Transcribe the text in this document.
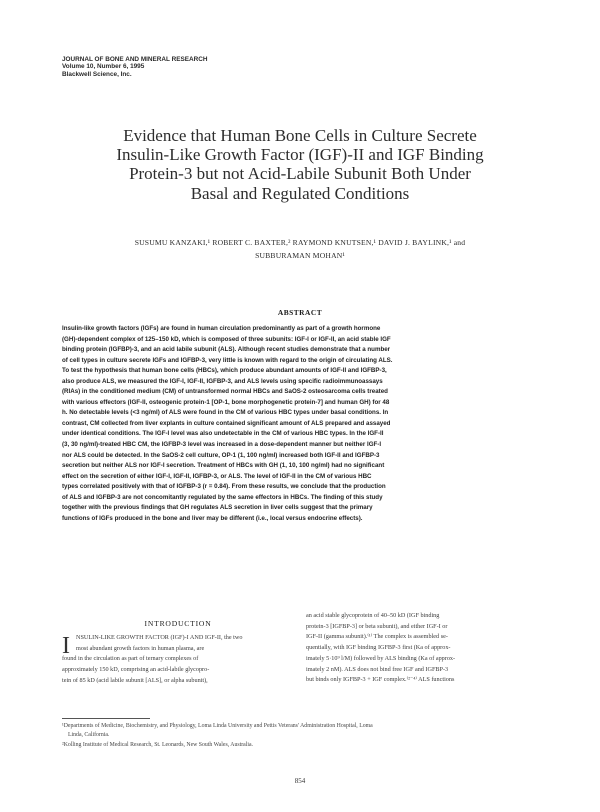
JOURNAL OF BONE AND MINERAL RESEARCH
Volume 10, Number 6, 1995
Blackwell Science, Inc.
Evidence that Human Bone Cells in Culture Secrete
Insulin-Like Growth Factor (IGF)-II and IGF Binding
Protein-3 but not Acid-Labile Subunit Both Under
Basal and Regulated Conditions
SUSUMU KANZAKI,¹ ROBERT C. BAXTER,² RAYMOND KNUTSEN,¹ DAVID J. BAYLINK,¹ and
SUBBURAMAN MOHAN¹
ABSTRACT
Insulin-like growth factors (IGFs) are found in human circulation predominantly as part of a growth hormone
(GH)-dependent complex of 125–150 kD, which is composed of three subunits: IGF-I or IGF-II, an acid stable IGF
binding protein (IGFBP)-3, and an acid labile subunit (ALS). Although recent studies demonstrate that a number
of cell types in culture secrete IGFs and IGFBP-3, very little is known with regard to the origin of circulating ALS.
To test the hypothesis that human bone cells (HBCs), which produce abundant amounts of IGF-II and IGFBP-3,
also produce ALS, we measured the IGF-I, IGF-II, IGFBP-3, and ALS levels using specific radioimmunoassays
(RIAs) in the conditioned medium (CM) of untransformed normal HBCs and SaOS-2 osteosarcoma cells treated
with various effectors (IGF-II, osteogenic protein-1 [OP-1, bone morphogenetic protein-7] and human GH) for 48
h. No detectable levels (<3 ng/ml) of ALS were found in the CM of various HBC types under basal conditions. In
contrast, CM collected from liver explants in culture contained significant amount of ALS prepared and assayed
under identical conditions. The IGF-I level was also undetectable in the CM of various HBC types. In the IGF-II
(3, 30 ng/ml)-treated HBC CM, the IGFBP-3 level was increased in a dose-dependent manner but neither IGF-I
nor ALS could be detected. In the SaOS-2 cell culture, OP-1 (1, 100 ng/ml) increased both IGF-II and IGFBP-3
secretion but neither ALS nor IGF-I secretion. Treatment of HBCs with GH (1, 10, 100 ng/ml) had no significant
effect on the secretion of either IGF-I, IGF-II, IGFBP-3, or ALS. The level of IGF-II in the CM of various HBC
types correlated positively with that of IGFBP-3 (r = 0.84). From these results, we conclude that the production
of ALS and IGFBP-3 are not concomitantly regulated by the same effectors in HBCs. The finding of this study
together with the previous findings that GH regulates ALS secretion in liver cells suggest that the primary
functions of IGFs produced in the bone and liver may be different (i.e., local versus endocrine effects).
INTRODUCTION
I NSULIN-LIKE GROWTH FACTOR (IGF)-I AND IGF-II, the two
most abundant growth factors in human plasma, are
found in the circulation as part of ternary complexes of
approximately 150 kD, comprising an acid-labile glycopro-
tein of 85 kD (acid labile subunit [ALS], or alpha subunit),
an acid stable glycoprotein of 40–50 kD (IGF binding
protein-3 [IGFBP-3] or beta subunit), and either IGF-I or
IGF-II (gamma subunit).⁽¹⁾ The complex is assembled se-
quentially, with IGF binding IGFBP-3 first (Ka of approx-
imately 5·10⁹ l/M) followed by ALS binding (Ka of approx-
imately 2 nM). ALS does not bind free IGF and IGFBP-3
but binds only IGFBP-3 + IGF complex.⁽²⁻⁴⁾ ALS functions
¹Departments of Medicine, Biochemistry, and Physiology, Loma Linda University and Pettis Veterans' Administration Hospital, Loma
Linda, California.
²Kolling Institute of Medical Research, St. Leonards, New South Wales, Australia.
854
